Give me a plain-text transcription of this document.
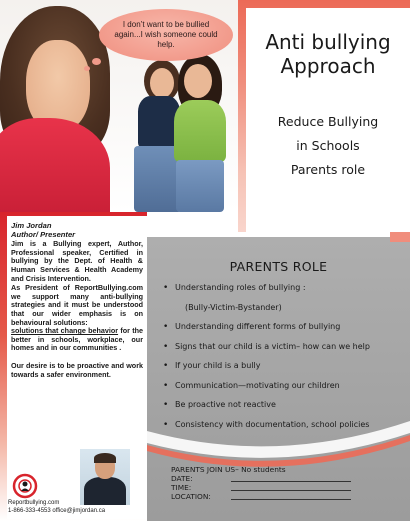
I don’t want to be bullied again...I wish someone could help.	Anti bullying Approach
Reduce Bullying
in Schools
Parents role
Jim Jordan
Author/ Presenter

Jim is a Bullying expert, Author, Professional speaker, Certified in bullying by the Dept. of Health & Human Services & Health Academy and Crisis Intervention.

As President of ReportBullying.com we support many anti-bullying strategies and it must be understood that our wider emphasis is on behavioural solutions:

solutions that change behavior for the better in schools, workplace, our homes and in our communities .

Our desire is to be proactive and work towards a safer environment.

Reportbullying.com
1-866-333-4553 office@jimjordan.ca
PARENTS ROLE
• Understanding roles of bullying :
(Bully-Victim-Bystander)
• Understanding different forms of bullying
• Signs that our child is a victim– how can we help
• If your child is a bully
• Communication—motivating our children
• Be proactive not reactive
• Consistency with documentation, school policies
PARENTS JOIN US– No students
DATE:
TIME:
LOCATION:
